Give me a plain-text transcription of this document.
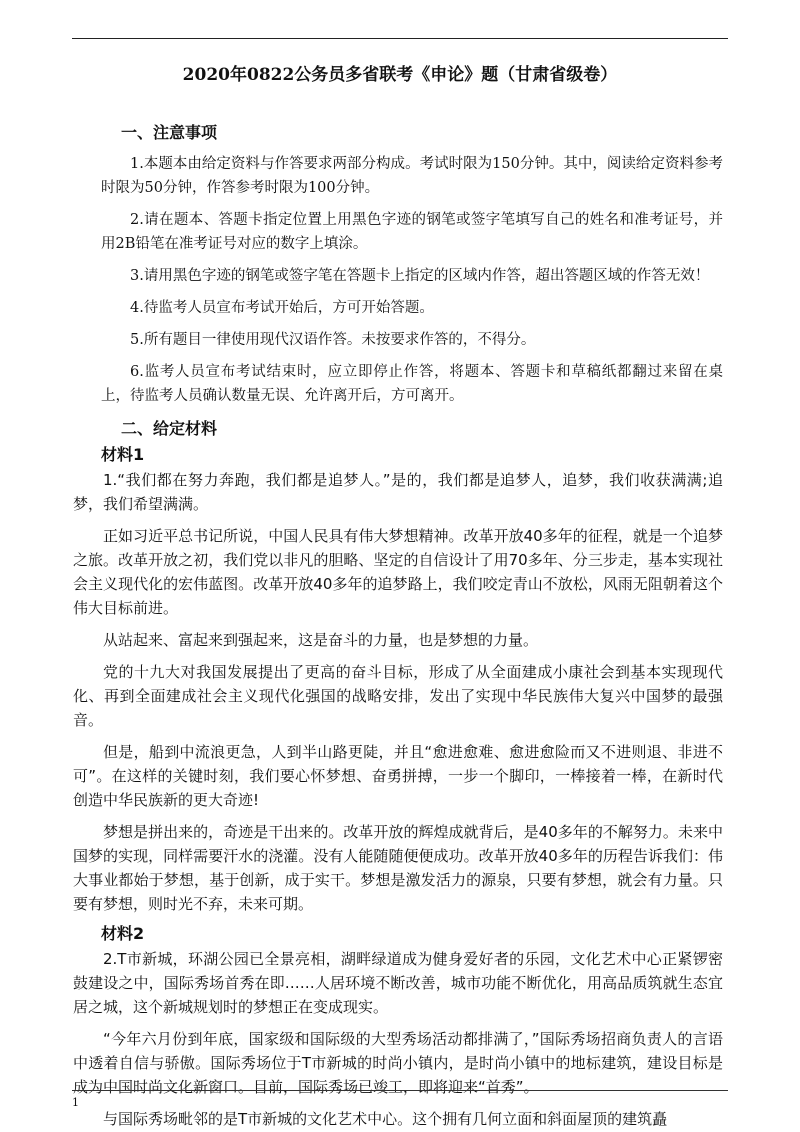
2020年0822公务员多省联考《申论》题（甘肃省级卷）
一、注意事项

1.本题本由给定资料与作答要求两部分构成。考试时限为150分钟。其中，阅读给定资料参考时限为50分钟，作答参考时限为100分钟。

2.请在题本、答题卡指定位置上用黑色字迹的钢笔或签字笔填写自己的姓名和准考证号，并用2B铅笔在准考证号对应的数字上填涂。

3.请用黑色字迹的钢笔或签字笔在答题卡上指定的区域内作答，超出答题区域的作答无效！

4.待监考人员宣布考试开始后，方可开始答题。

5.所有题目一律使用现代汉语作答。未按要求作答的，不得分。

6.监考人员宣布考试结束时，应立即停止作答，将题本、答题卡和草稿纸都翻过来留在桌上，待监考人员确认数量无误、允许离开后，方可离开。

二、给定材料
材料1

1.“我们都在努力奔跑，我们都是追梦人。”是的，我们都是追梦人，追梦，我们收获满满;追梦，我们希望满满。

正如习近平总书记所说，中国人民具有伟大梦想精神。改革开放40多年的征程，就是一个追梦之旅。改革开放之初，我们党以非凡的胆略、坚定的自信设计了用70多年、分三步走，基本实现社会主义现代化的宏伟蓝图。改革开放40多年的追梦路上，我们咬定青山不放松，风雨无阻朝着这个伟大目标前进。

从站起来、富起来到强起来，这是奋斗的力量，也是梦想的力量。

党的十九大对我国发展提出了更高的奋斗目标，形成了从全面建成小康社会到基本实现现代化、再到全面建成社会主义现代化强国的战略安排，发出了实现中华民族伟大复兴中国梦的最强音。

但是，船到中流浪更急，人到半山路更陡，并且“愈进愈难、愈进愈险而又不进则退、非进不可”。在这样的关键时刻，我们要心怀梦想、奋勇拼搏，一步一个脚印，一棒接着一棒，在新时代创造中华民族新的更大奇迹!

梦想是拼出来的，奇迹是干出来的。改革开放的辉煌成就背后，是40多年的不解努力。未来中国梦的实现，同样需要汗水的浇灌。没有人能随随便便成功。改革开放40多年的历程告诉我们：伟大事业都始于梦想，基于创新，成于实干。梦想是激发活力的源泉，只要有梦想，就会有力量。只要有梦想，则时光不弃，未来可期。

材料2

2.T市新城，环湖公园已全景亮相，湖畔绿道成为健身爱好者的乐园，文化艺术中心正紧锣密鼓建设之中，国际秀场首秀在即……人居环境不断改善，城市功能不断优化，用高品质筑就生态宜居之城，这个新城规划时的梦想正在变成现实。

“今年六月份到年底，国家级和国际级的大型秀场活动都排满了，”国际秀场招商负责人的言语中透着自信与骄傲。国际秀场位于T市新城的时尚小镇内，是时尚小镇中的地标建筑，建设目标是成为中国时尚文化新窗口。目前，国际秀场已竣工，即将迎来“首秀”。

与国际秀场毗邻的是T市新城的文化艺术中心。这个拥有几何立面和斜面屋顶的建筑矗

1
